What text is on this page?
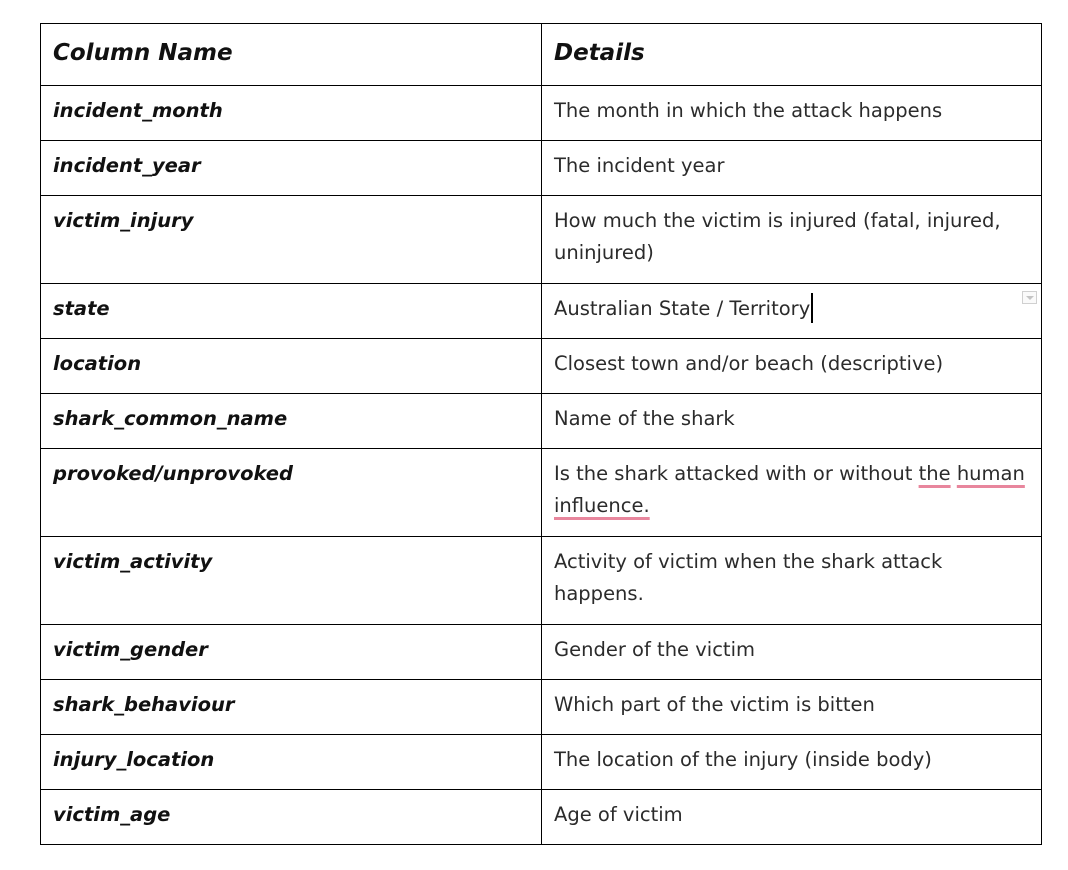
Column Name	Details

incident_month	The month in which the attack happens

incident_year	The incident year

victim_injury	How much the victim is injured (fatal, injured, uninjured)

state	Australian State / Territory

location	Closest town and/or beach (descriptive)

shark_common_name	Name of the shark

provoked/unprovoked	Is the shark attacked with or without the human influence.

victim_activity	Activity of victim when the shark attack happens.

victim_gender	Gender of the victim

shark_behaviour	Which part of the victim is bitten

injury_location	The location of the injury (inside body)

victim_age	Age of victim
